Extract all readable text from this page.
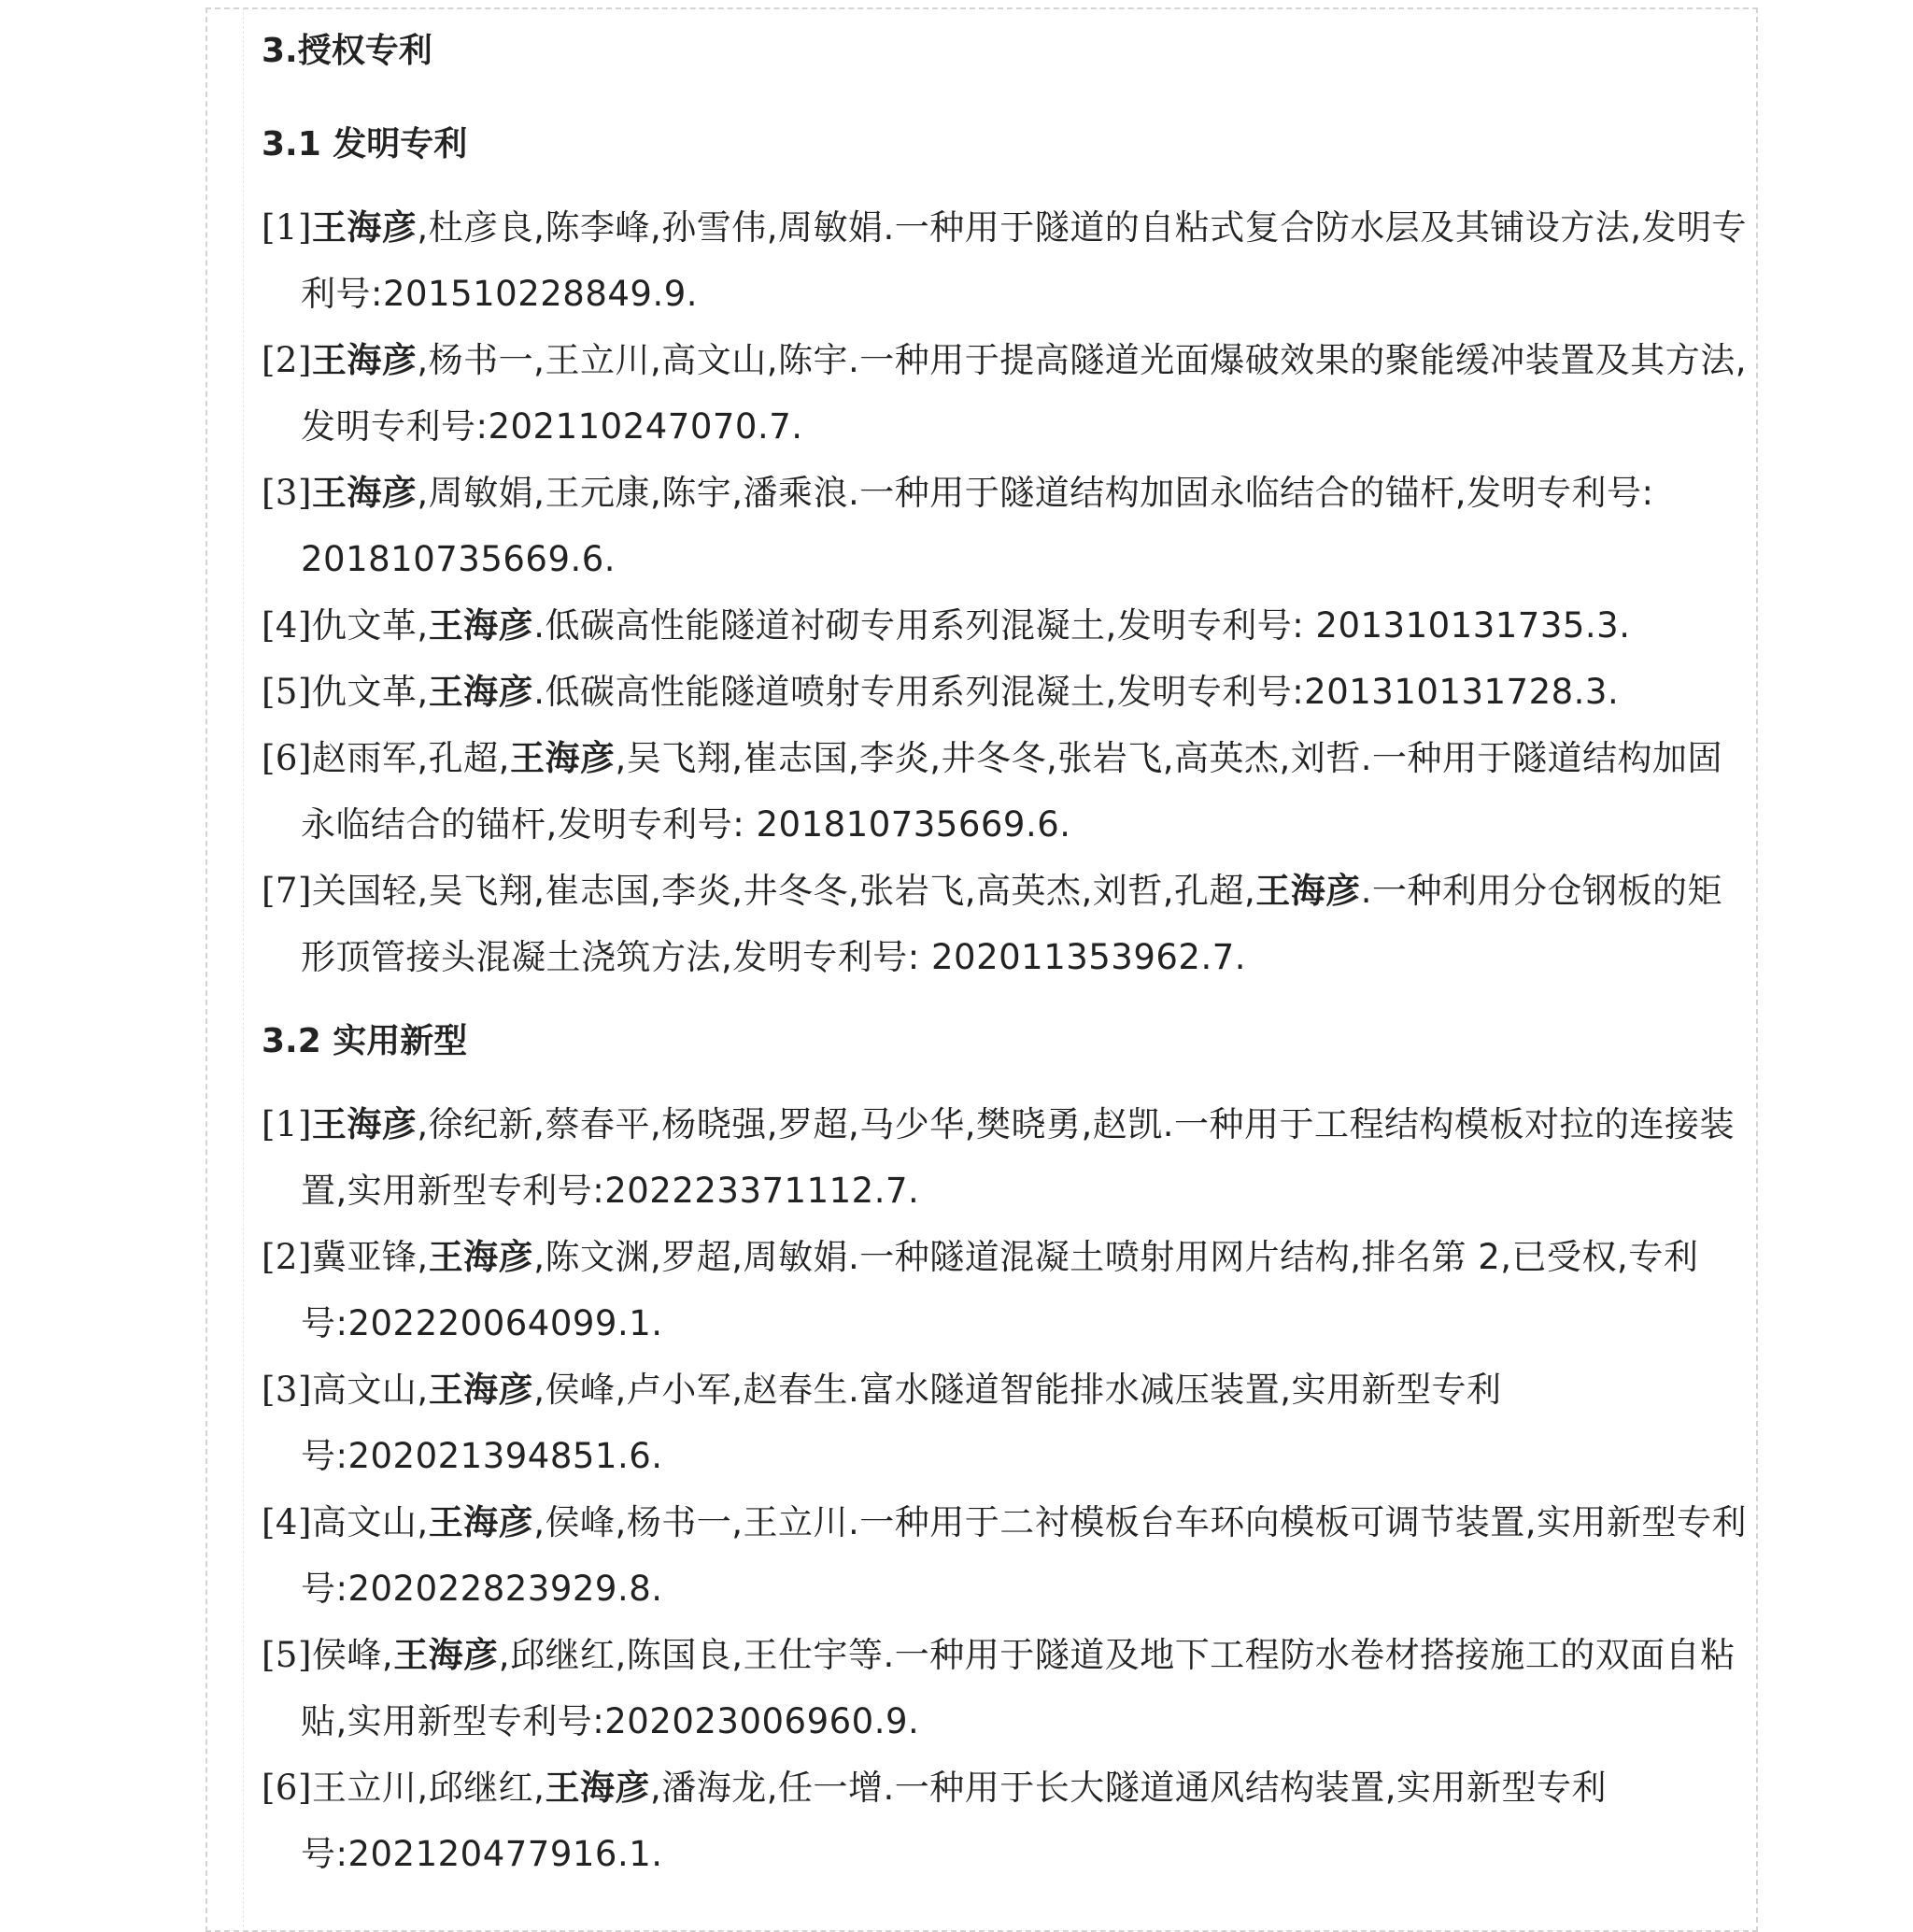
3.授权专利
3.1 发明专利

[1]王海彦,杜彦良,陈李峰,孙雪伟,周敏娟.一种用于隧道的自粘式复合防水层及其铺设方法,发明专利号:201510228849.9.

[2]王海彦,杨书一,王立川,高文山,陈宇.一种用于提高隧道光面爆破效果的聚能缓冲装置及其方法,发明专利号:202110247070.7.

[3]王海彦,周敏娟,王元康,陈宇,潘乘浪.一种用于隧道结构加固永临结合的锚杆,发明专利号: 201810735669.6.

[4]仇文革,王海彦.低碳高性能隧道衬砌专用系列混凝土,发明专利号: 201310131735.3.

[5]仇文革,王海彦.低碳高性能隧道喷射专用系列混凝土,发明专利号:201310131728.3.

[6]赵雨军,孔超,王海彦,吴飞翔,崔志国,李炎,井冬冬,张岩飞,高英杰,刘哲.一种用于隧道结构加固永临结合的锚杆,发明专利号: 201810735669.6.

[7]关国轻,吴飞翔,崔志国,李炎,井冬冬,张岩飞,高英杰,刘哲,孔超,王海彦.一种利用分仓钢板的矩形顶管接头混凝土浇筑方法,发明专利号: 202011353962.7.

3.2 实用新型

[1]王海彦,徐纪新,蔡春平,杨晓强,罗超,马少华,樊晓勇,赵凯.一种用于工程结构模板对拉的连接装置,实用新型专利号:202223371112.7.

[2]冀亚锋,王海彦,陈文渊,罗超,周敏娟.一种隧道混凝土喷射用网片结构,排名第 2,已受权,专利号:202220064099.1.

[3]高文山,王海彦,侯峰,卢小军,赵春生.富水隧道智能排水减压装置,实用新型专利号:202021394851.6.

[4]高文山,王海彦,侯峰,杨书一,王立川.一种用于二衬模板台车环向模板可调节装置,实用新型专利号:202022823929.8.

[5]侯峰,王海彦,邱继红,陈国良,王仕宇等.一种用于隧道及地下工程防水卷材搭接施工的双面自粘贴,实用新型专利号:202023006960.9.

[6]王立川,邱继红,王海彦,潘海龙,任一增.一种用于长大隧道通风结构装置,实用新型专利号:202120477916.1.
